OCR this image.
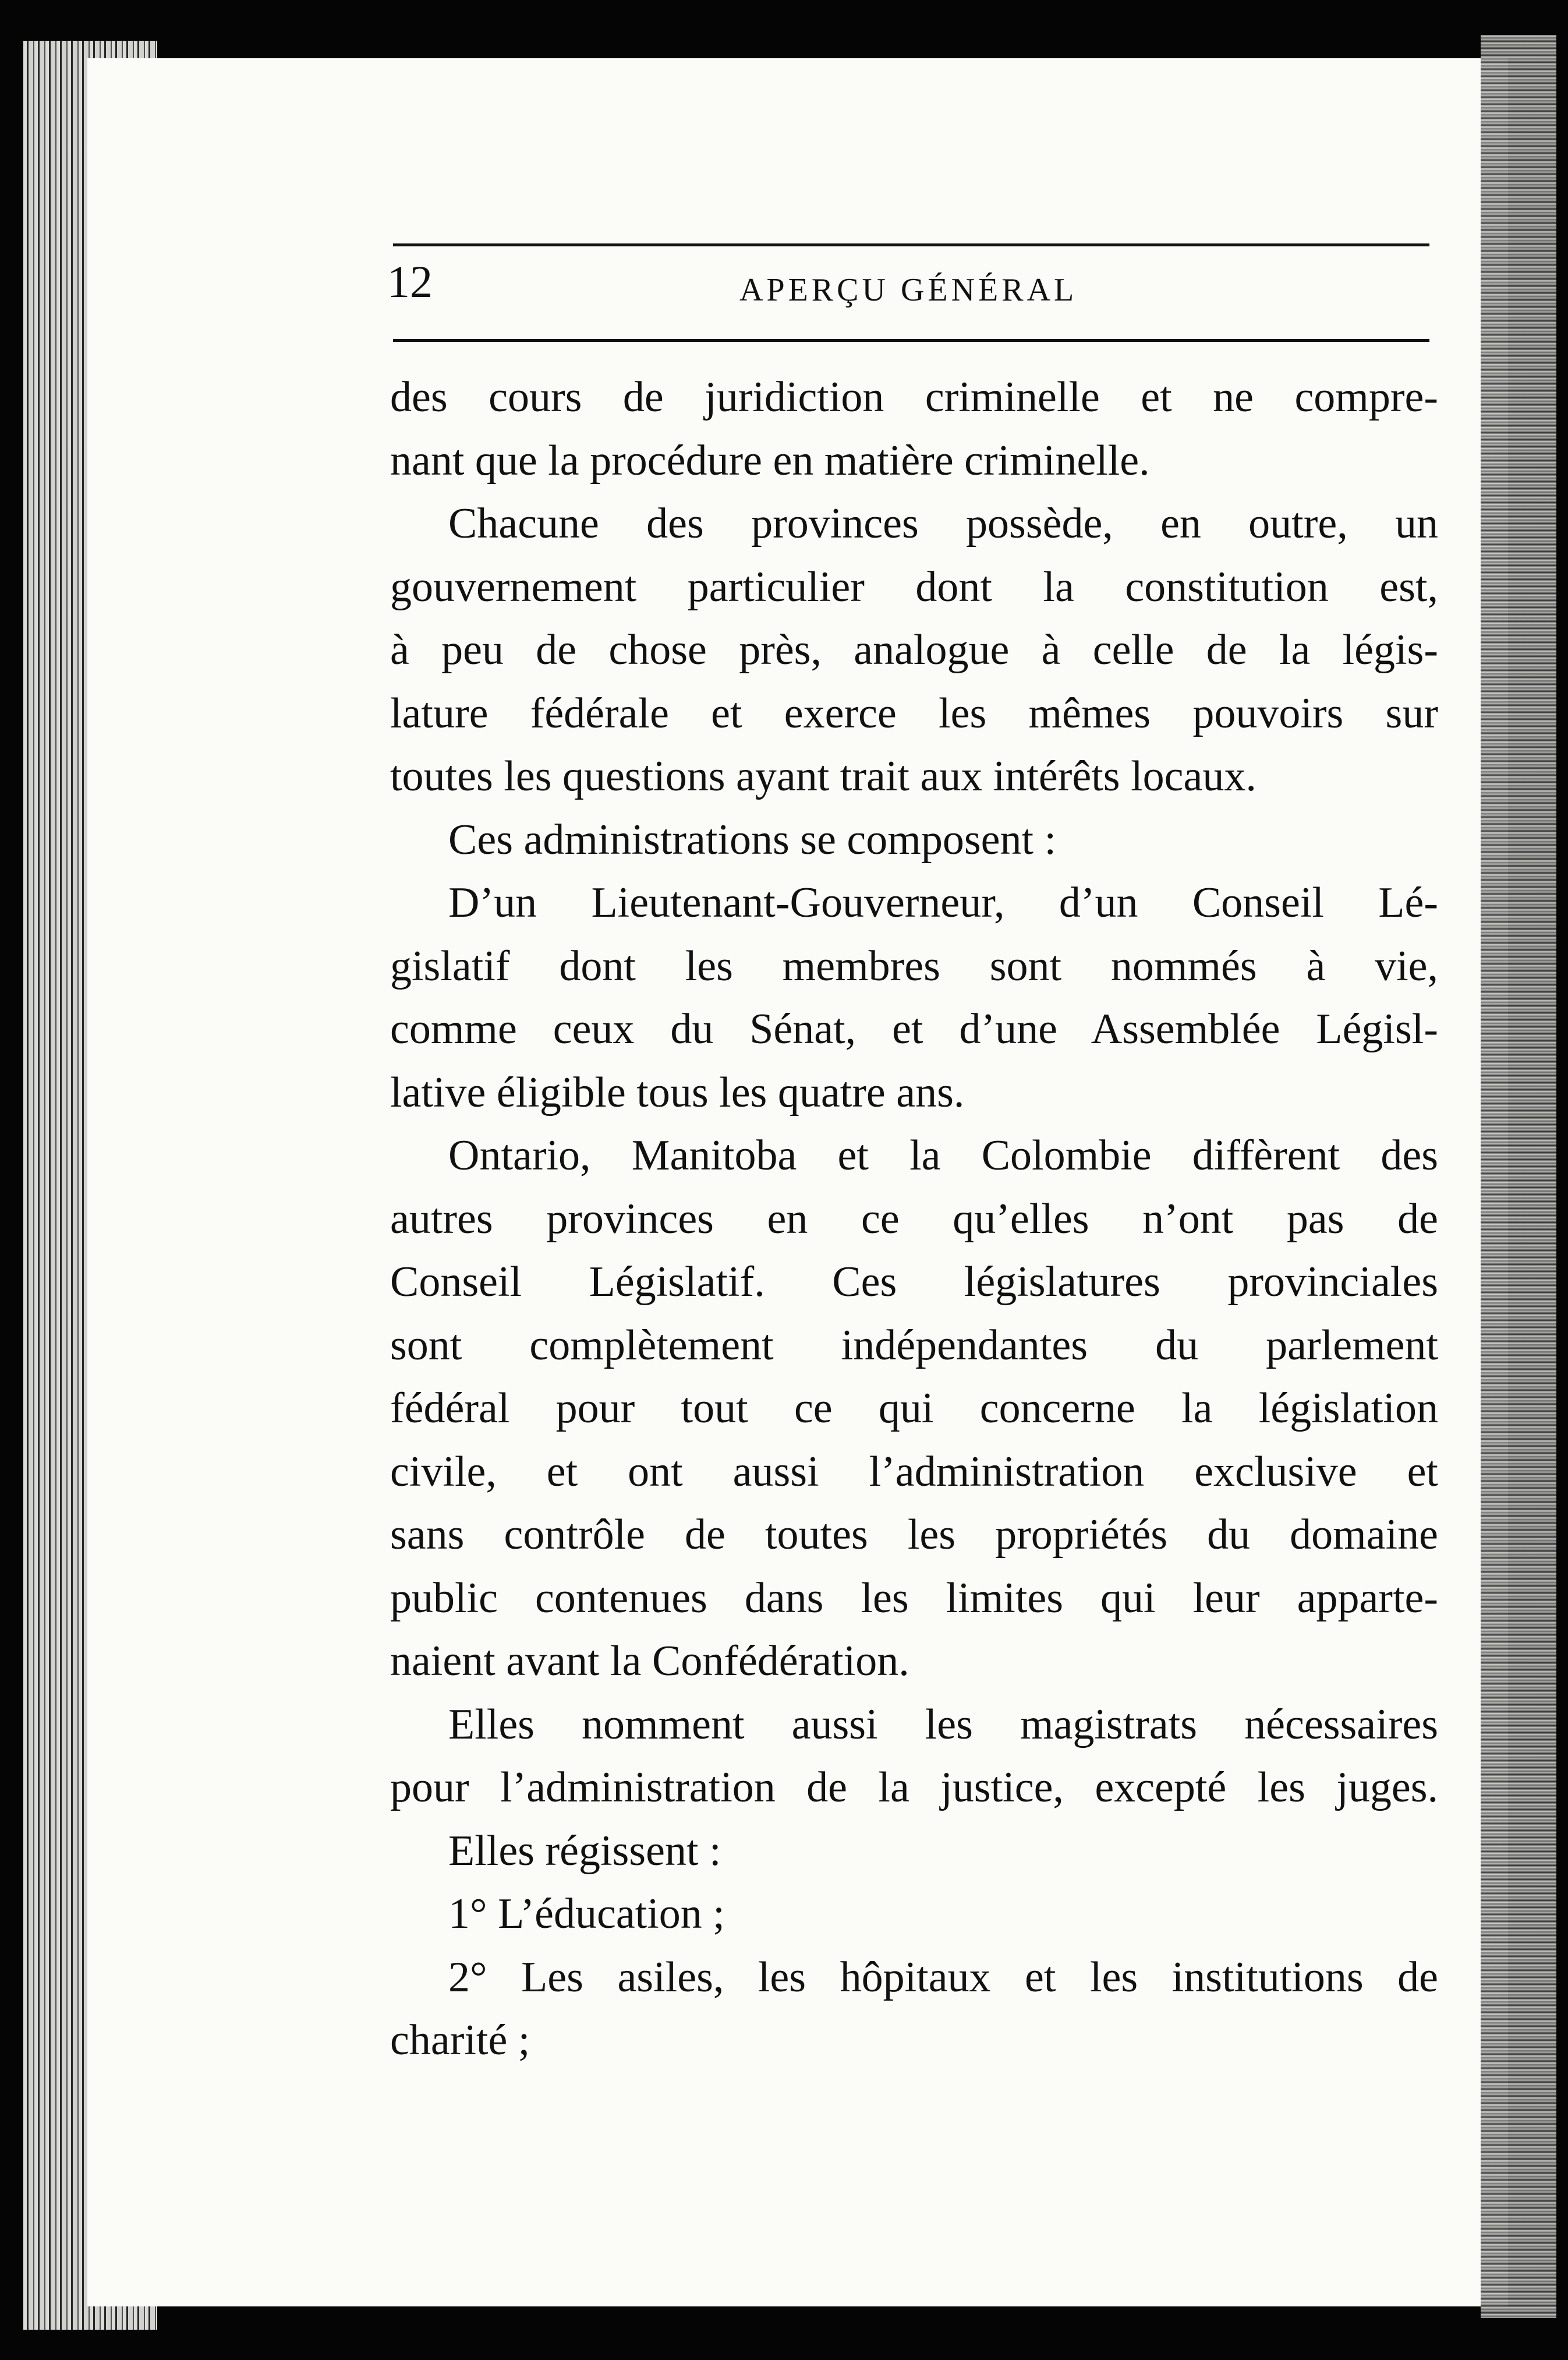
12	APERÇU GÉNÉRAL
des cours de juridiction criminelle et ne compre-
nant que la procédure en matière criminelle.
Chacune des provinces possède, en outre, un
gouvernement particulier dont la constitution est,
à peu de chose près, analogue à celle de la légis-
lature fédérale et exerce les mêmes pouvoirs sur
toutes les questions ayant trait aux intérêts locaux.
Ces administrations se composent :
D’un Lieutenant-Gouverneur, d’un Conseil Lé-
gislatif dont les membres sont nommés à vie,
comme ceux du Sénat, et d’une Assemblée Législ-
lative éligible tous les quatre ans.
Ontario, Manitoba et la Colombie diffèrent des
autres provinces en ce qu’elles n’ont pas de
Conseil Législatif. Ces législatures provinciales
sont complètement indépendantes du parlement
fédéral pour tout ce qui concerne la législation
civile, et ont aussi l’administration exclusive et
sans contrôle de toutes les propriétés du domaine
public contenues dans les limites qui leur apparte-
naient avant la Confédération.
Elles nomment aussi les magistrats nécessaires
pour l’administration de la justice, excepté les juges.
Elles régissent :
1° L’éducation ;
2° Les asiles, les hôpitaux et les institutions de
charité ;
